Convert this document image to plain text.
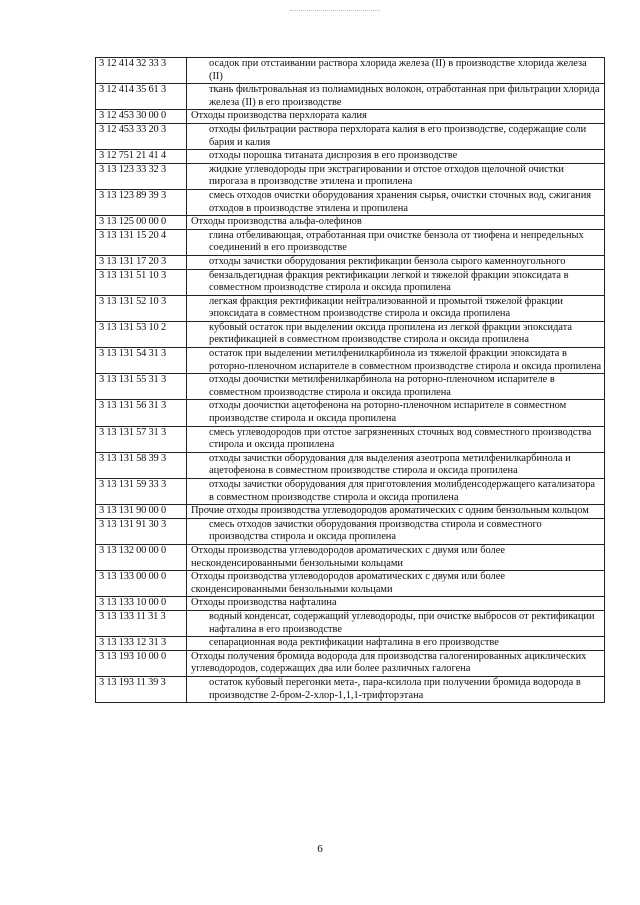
3 12 414 32 33 3	осадок при отстаивании раствора хлорида железа (II) в производстве хлорида железа (II)
3 12 414 35 61 3	ткань фильтровальная из полиамидных волокон, отработанная при фильтрации хлорида железа (II) в его производстве
3 12 453 30 00 0	Отходы производства перхлората калия
3 12 453 33 20 3	отходы фильтрации раствора перхлората калия в его производстве, содержащие соли бария и калия
3 12 751 21 41 4	отходы порошка титаната диспрозия в его производстве
3 13 123 33 32 3	жидкие углеводороды при экстрагировании и отстое отходов щелочной очистки пирогаза в производстве этилена и пропилена
3 13 123 89 39 3	смесь отходов очистки оборудования хранения сырья, очистки сточных вод, сжигания отходов в производстве этилена и пропилена
3 13 125 00 00 0	Отходы производства альфа-олефинов
3 13 131 15 20 4	глина отбеливающая, отработанная при очистке бензола от тиофена и непредельных соединений в его производстве
3 13 131 17 20 3	отходы зачистки оборудования ректификации бензола сырого каменноугольного
3 13 131 51 10 3	бензальдегидная фракция ректификации легкой и тяжелой фракции эпоксидата в совместном производстве стирола и оксида пропилена
3 13 131 52 10 3	легкая фракция ректификации нейтрализованной и промытой тяжелой фракции эпоксидата в совместном производстве стирола и оксида пропилена
3 13 131 53 10 2	кубовый остаток при выделении оксида пропилена из легкой фракции эпоксидата ректификацией в совместном производстве стирола и оксида пропилена
3 13 131 54 31 3	остаток при выделении метилфенилкарбинола из тяжелой фракции эпоксидата в роторно-пленочном испарителе в совместном производстве стирола и оксида пропилена
3 13 131 55 31 3	отходы доочистки метилфенилкарбинола на роторно-пленочном испарителе в совместном производстве стирола и оксида пропилена
3 13 131 56 31 3	отходы доочистки ацетофенона на роторно-пленочном испарителе в совместном производстве стирола и оксида пропилена
3 13 131 57 31 3	смесь углеводородов при отстое загрязненных сточных вод совместного производства стирола и оксида пропилена
3 13 131 58 39 3	отходы зачистки оборудования для выделения азеотропа метилфенилкарбинола и ацетофенона в совместном производстве стирола и оксида пропилена
3 13 131 59 33 3	отходы зачистки оборудования для приготовления молибденсодержащего катализатора в совместном производстве стирола и оксида пропилена
3 13 131 90 00 0	Прочие отходы производства углеводородов ароматических с одним бензольным кольцом
3 13 131 91 30 3	смесь отходов зачистки оборудования производства стирола и совместного производства стирола и оксида пропилена
3 13 132 00 00 0	Отходы производства углеводородов ароматических с двумя или более несконденсированными бензольными кольцами
3 13 133 00 00 0	Отходы производства углеводородов ароматических с двумя или более сконденсированными бензольными кольцами
3 13 133 10 00 0	Отходы производства нафталина
3 13 133 11 31 3	водный конденсат, содержащий углеводороды, при очистке выбросов от ректификации нафталина в его производстве
3 13 133 12 31 3	сепарационная вода ректификации нафталина в его производстве
3 13 193 10 00 0	Отходы получения бромида водорода для производства галогенированных ациклических углеводородов, содержащих два или более различных галогена
3 13 193 11 39 3	остаток кубовый перегонки мета-, пара-ксилола при получении бромида водорода в производстве 2-бром-2-хлор-1,1,1-трифторэтана
6
